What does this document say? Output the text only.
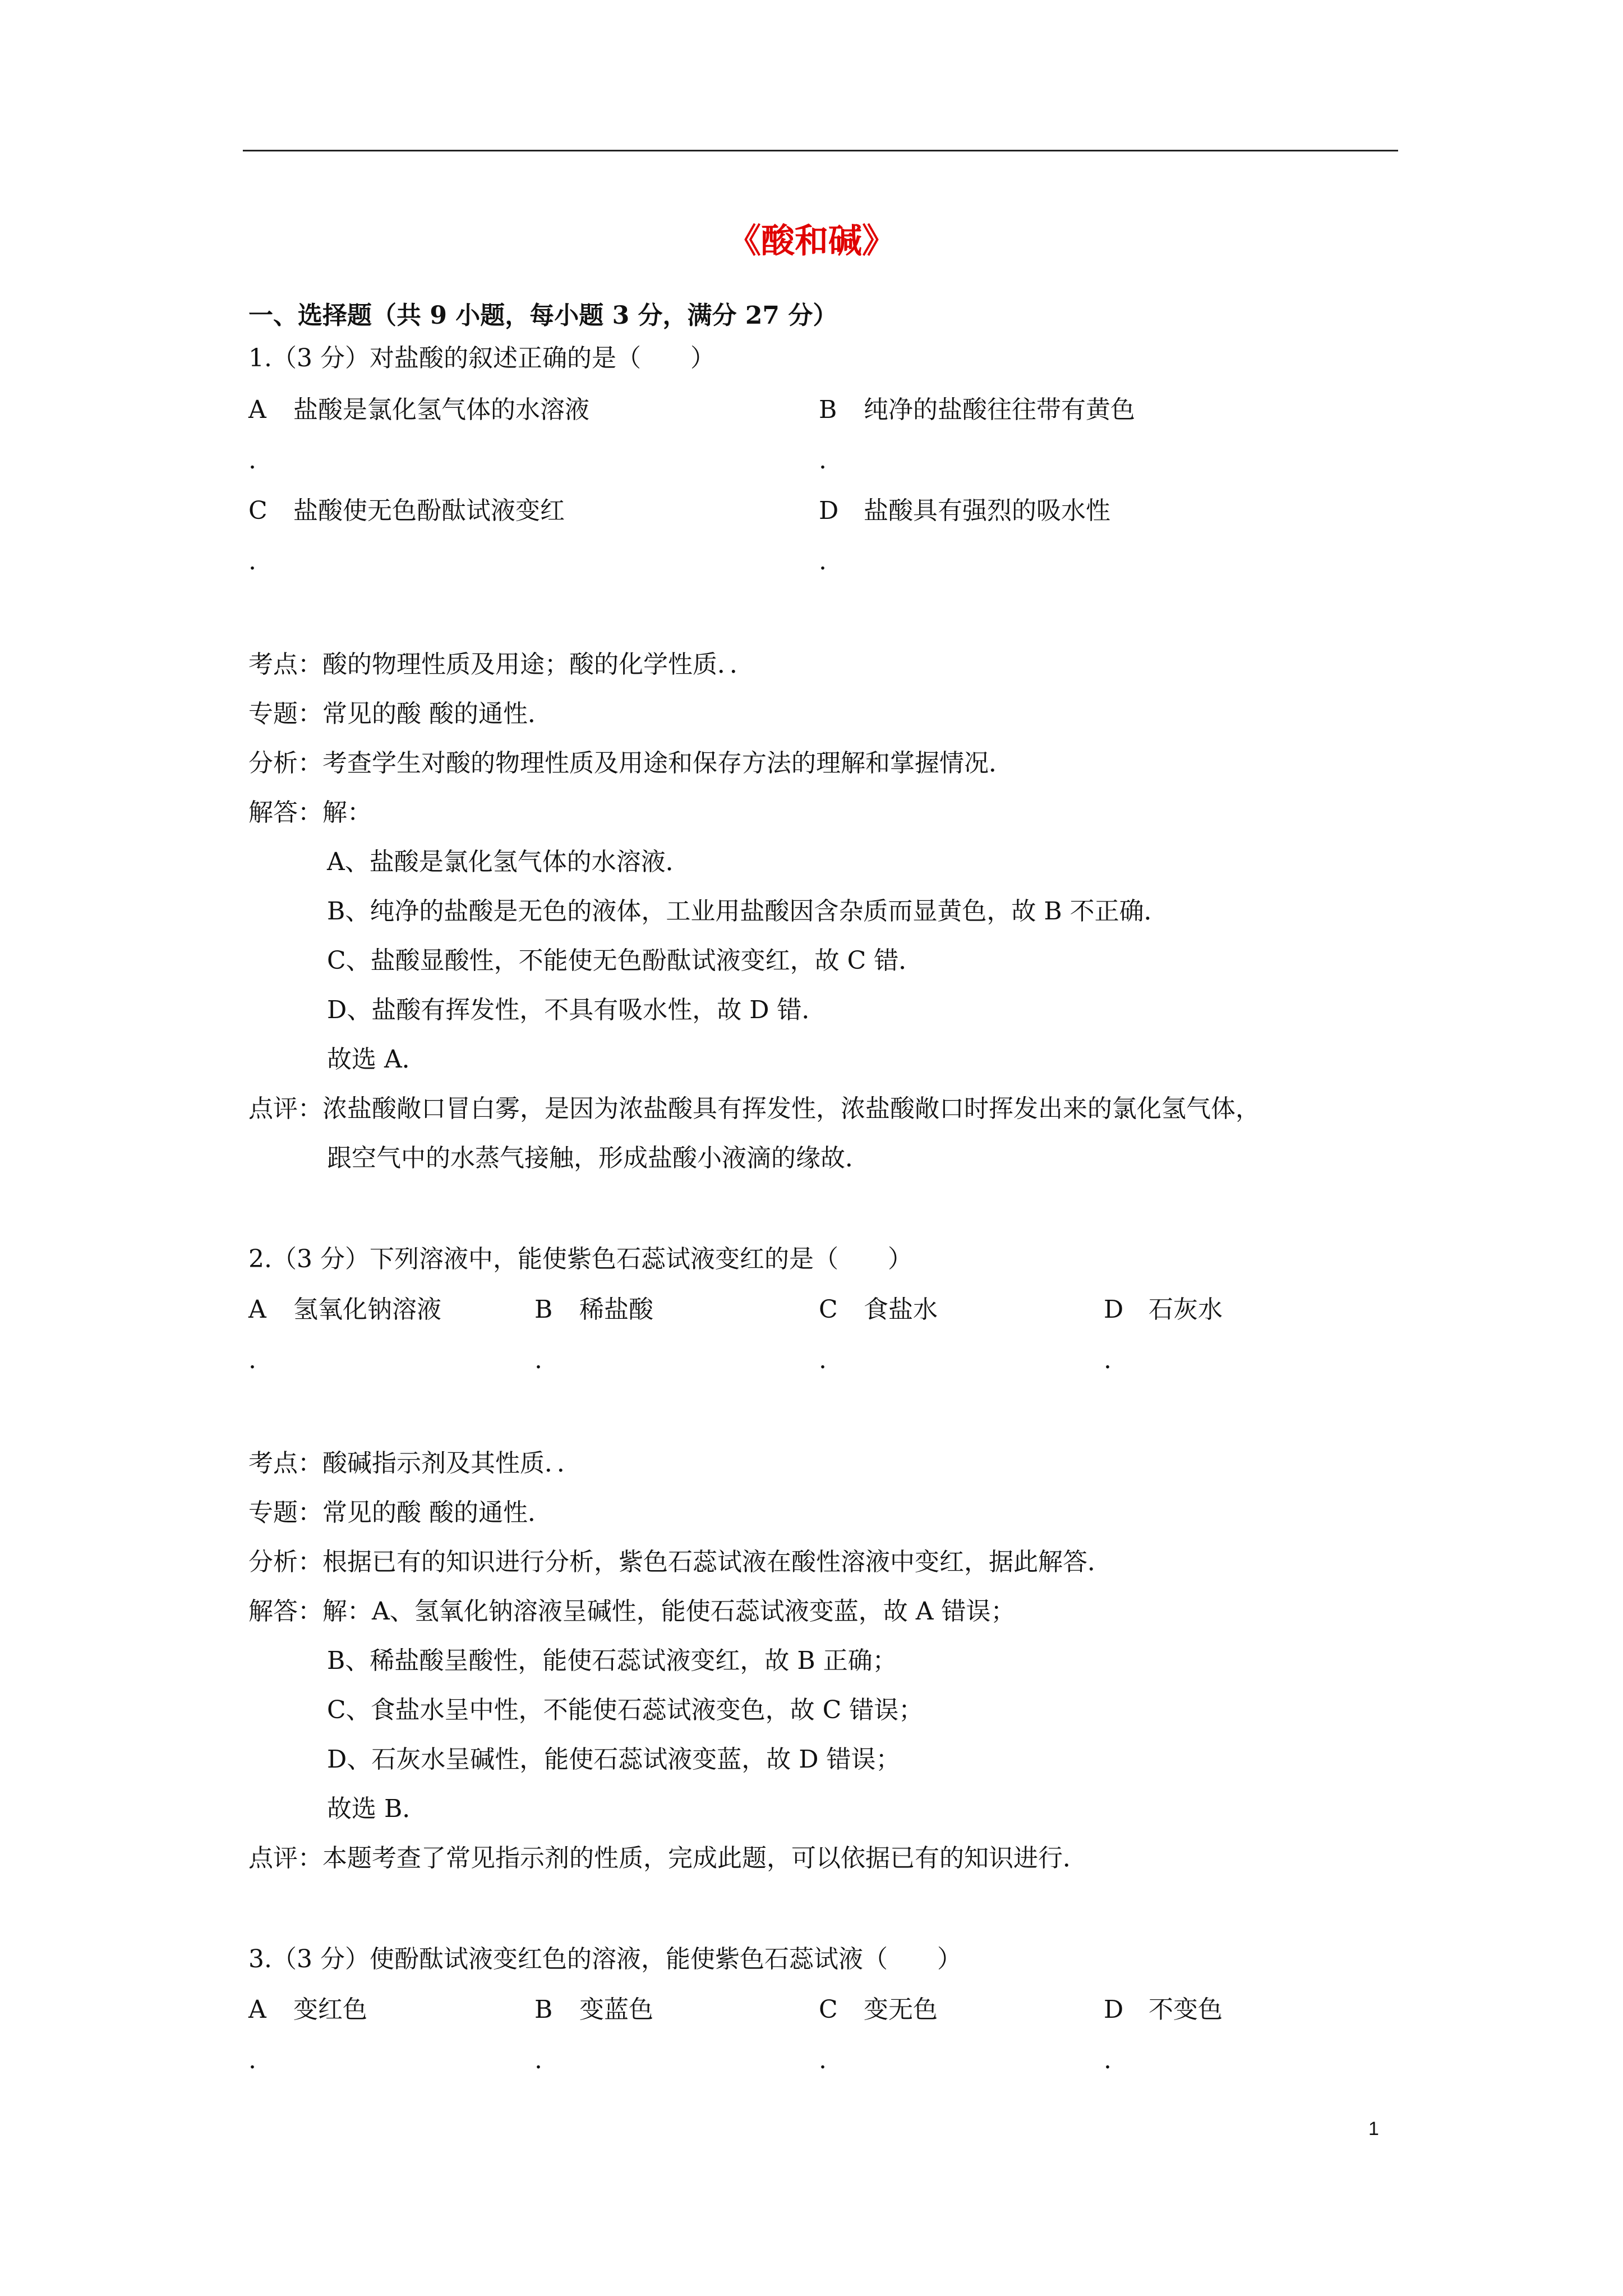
《酸和碱》
一、选择题（共 9 小题，每小题 3 分，满分 27 分）
1.（3 分）对盐酸的叙述正确的是（　　）
A 盐酸是氯化氢气体的水溶液
.
B 纯净的盐酸往往带有黄色
.
C 盐酸使无色酚酞试液变红
.
D 盐酸具有强烈的吸水性
.
考点：酸的物理性质及用途；酸的化学性质．．
专题：常见的酸 酸的通性．
分析：考查学生对酸的物理性质及用途和保存方法的理解和掌握情况．
解答：解：
A、盐酸是氯化氢气体的水溶液．
B、纯净的盐酸是无色的液体，工业用盐酸因含杂质而显黄色，故 B 不正确．
C、盐酸显酸性，不能使无色酚酞试液变红，故 C 错．
D、盐酸有挥发性，不具有吸水性，故 D 错．
故选 A．
点评：浓盐酸敞口冒白雾，是因为浓盐酸具有挥发性，浓盐酸敞口时挥发出来的氯化氢气体，
跟空气中的水蒸气接触，形成盐酸小液滴的缘故．
2.（3 分）下列溶液中，能使紫色石蕊试液变红的是（　　）
A 氢氧化钠溶液
.
B 稀盐酸
.
C 食盐水
.
D 石灰水
.
考点：酸碱指示剂及其性质．．
专题：常见的酸 酸的通性．
分析：根据已有的知识进行分析，紫色石蕊试液在酸性溶液中变红，据此解答．
解答：解：A、氢氧化钠溶液呈碱性，能使石蕊试液变蓝，故 A 错误；
B、稀盐酸呈酸性，能使石蕊试液变红，故 B 正确；
C、食盐水呈中性，不能使石蕊试液变色，故 C 错误；
D、石灰水呈碱性，能使石蕊试液变蓝，故 D 错误；
故选 B．
点评：本题考查了常见指示剂的性质，完成此题，可以依据已有的知识进行．
3.（3 分）使酚酞试液变红色的溶液，能使紫色石蕊试液（　　）
A 变红色
.
B 变蓝色
.
C 变无色
.
D 不变色
.
1
